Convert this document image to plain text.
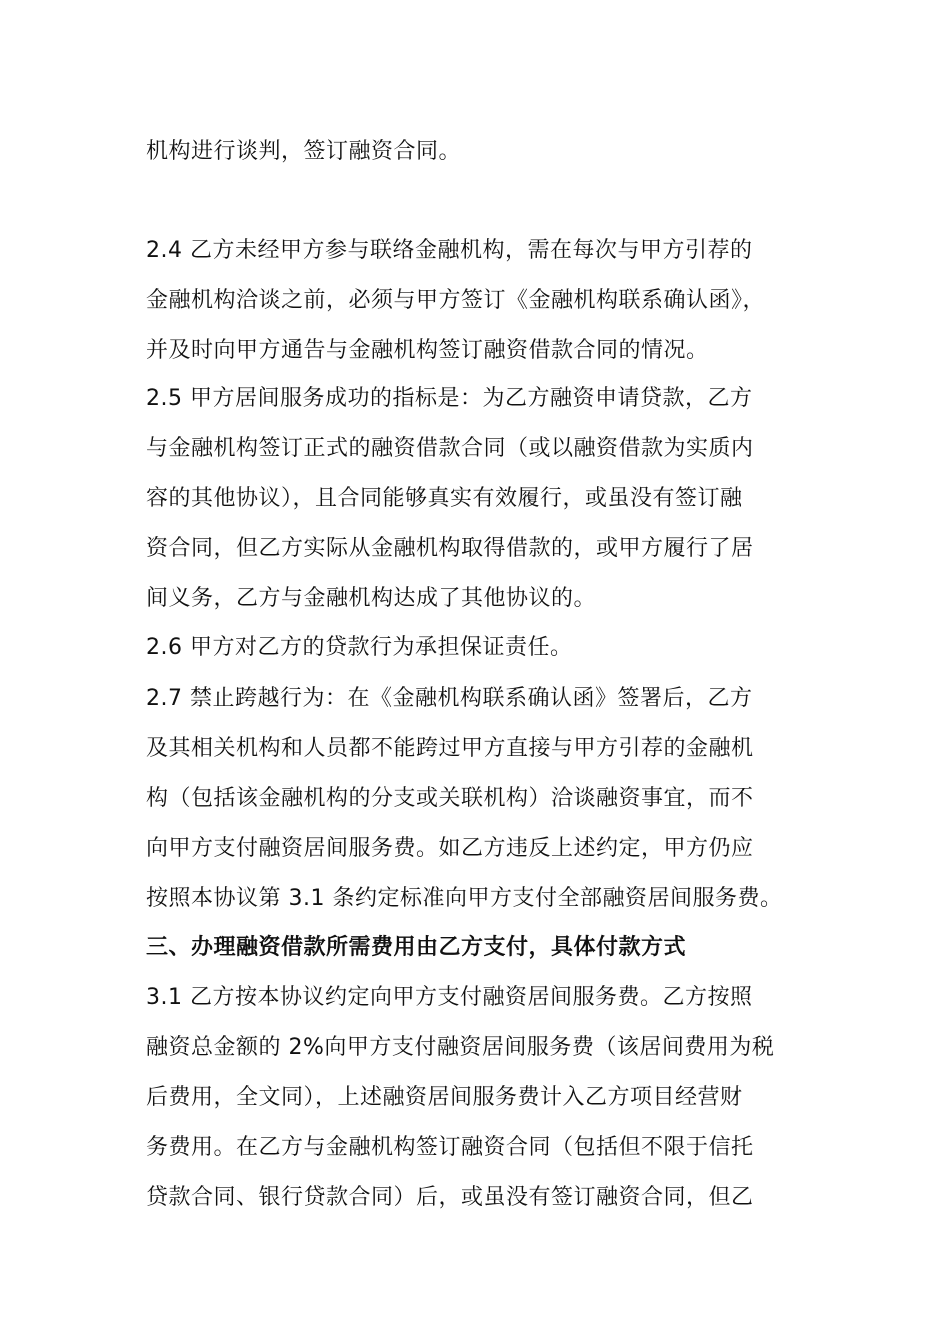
机构进行谈判，签订融资合同。
2.4 乙方未经甲方参与联络金融机构，需在每次与甲方引荐的
金融机构洽谈之前，必须与甲方签订《金融机构联系确认函》，
并及时向甲方通告与金融机构签订融资借款合同的情况。
2.5 甲方居间服务成功的指标是：为乙方融资申请贷款，乙方
与金融机构签订正式的融资借款合同（或以融资借款为实质内
容的其他协议），且合同能够真实有效履行，或虽没有签订融
资合同，但乙方实际从金融机构取得借款的，或甲方履行了居
间义务，乙方与金融机构达成了其他协议的。
2.6 甲方对乙方的贷款行为承担保证责任。
2.7 禁止跨越行为：在《金融机构联系确认函》签署后，乙方
及其相关机构和人员都不能跨过甲方直接与甲方引荐的金融机
构（包括该金融机构的分支或关联机构）洽谈融资事宜，而不
向甲方支付融资居间服务费。如乙方违反上述约定，甲方仍应
按照本协议第 3.1 条约定标准向甲方支付全部融资居间服务费。
三、办理融资借款所需费用由乙方支付，具体付款方式
3.1 乙方按本协议约定向甲方支付融资居间服务费。乙方按照
融资总金额的 2%向甲方支付融资居间服务费（该居间费用为税
后费用，全文同），上述融资居间服务费计入乙方项目经营财
务费用。在乙方与金融机构签订融资合同（包括但不限于信托
贷款合同、银行贷款合同）后，或虽没有签订融资合同，但乙
